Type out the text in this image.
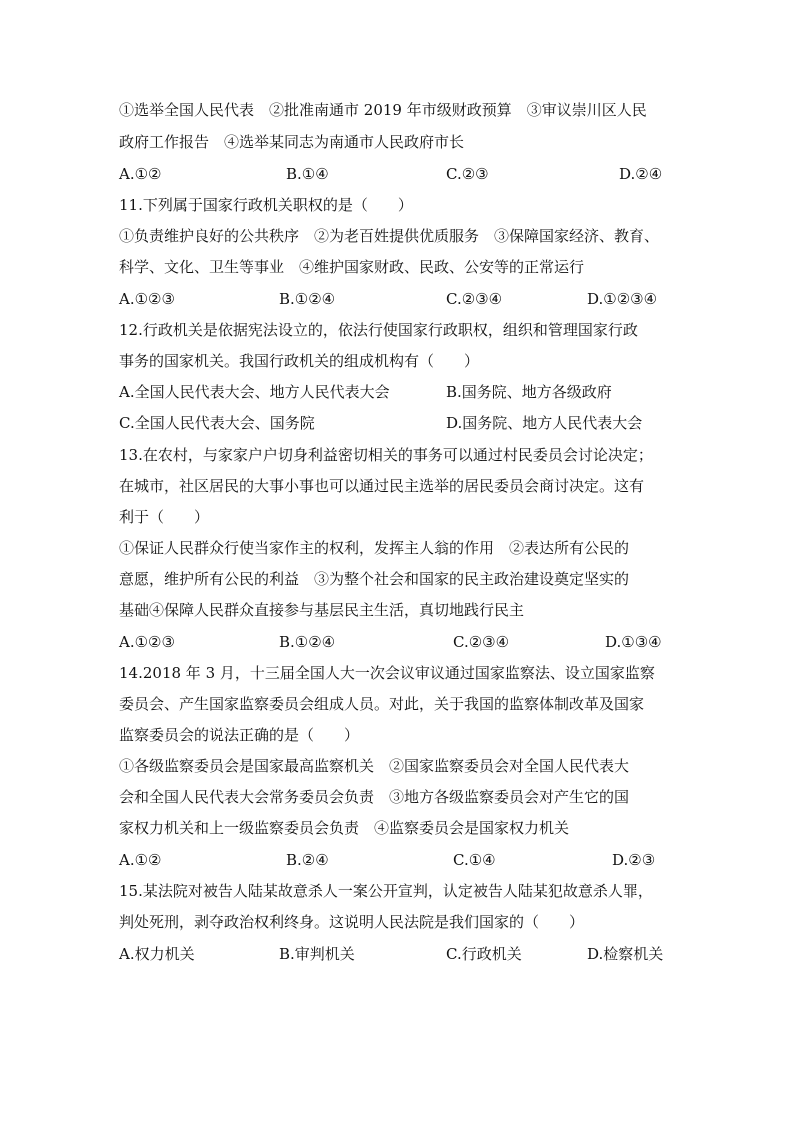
①选举全国人民代表　②批准南通市 2019 年市级财政预算　③审议崇川区人民
政府工作报告　④选举某同志为南通市人民政府市长
A.①②	B.①④	C.②③	D.②④
11.下列属于国家行政机关职权的是（　　）
①负责维护良好的公共秩序　②为老百姓提供优质服务　③保障国家经济、教育、
科学、文化、卫生等事业　④维护国家财政、民政、公安等的正常运行
A.①②③	B.①②④	C.②③④	D.①②③④
12.行政机关是依据宪法设立的，依法行使国家行政职权，组织和管理国家行政
事务的国家机关。我国行政机关的组成机构有（　　）
A.全国人民代表大会、地方人民代表大会	B.国务院、地方各级政府
C.全国人民代表大会、国务院	D.国务院、地方人民代表大会
13.在农村，与家家户户切身利益密切相关的事务可以通过村民委员会讨论决定；
在城市，社区居民的大事小事也可以通过民主选举的居民委员会商讨决定。这有
利于（　　）
①保证人民群众行使当家作主的权利，发挥主人翁的作用　②表达所有公民的
意愿，维护所有公民的利益　③为整个社会和国家的民主政治建设奠定坚实的
基础④保障人民群众直接参与基层民主生活，真切地践行民主
A.①②③	B.①②④	C.②③④	D.①③④
14.2018 年 3 月，十三届全国人大一次会议审议通过国家监察法、设立国家监察
委员会、产生国家监察委员会组成人员。对此，关于我国的监察体制改革及国家
监察委员会的说法正确的是（　　）
①各级监察委员会是国家最高监察机关　②国家监察委员会对全国人民代表大
会和全国人民代表大会常务委员会负责　③地方各级监察委员会对产生它的国
家权力机关和上一级监察委员会负责　④监察委员会是国家权力机关
A.①②	B.②④	C.①④	D.②③
15.某法院对被告人陆某故意杀人一案公开宣判，认定被告人陆某犯故意杀人罪，
判处死刑，剥夺政治权利终身。这说明人民法院是我们国家的（　　）
A.权力机关	B.审判机关	C.行政机关	D.检察机关
